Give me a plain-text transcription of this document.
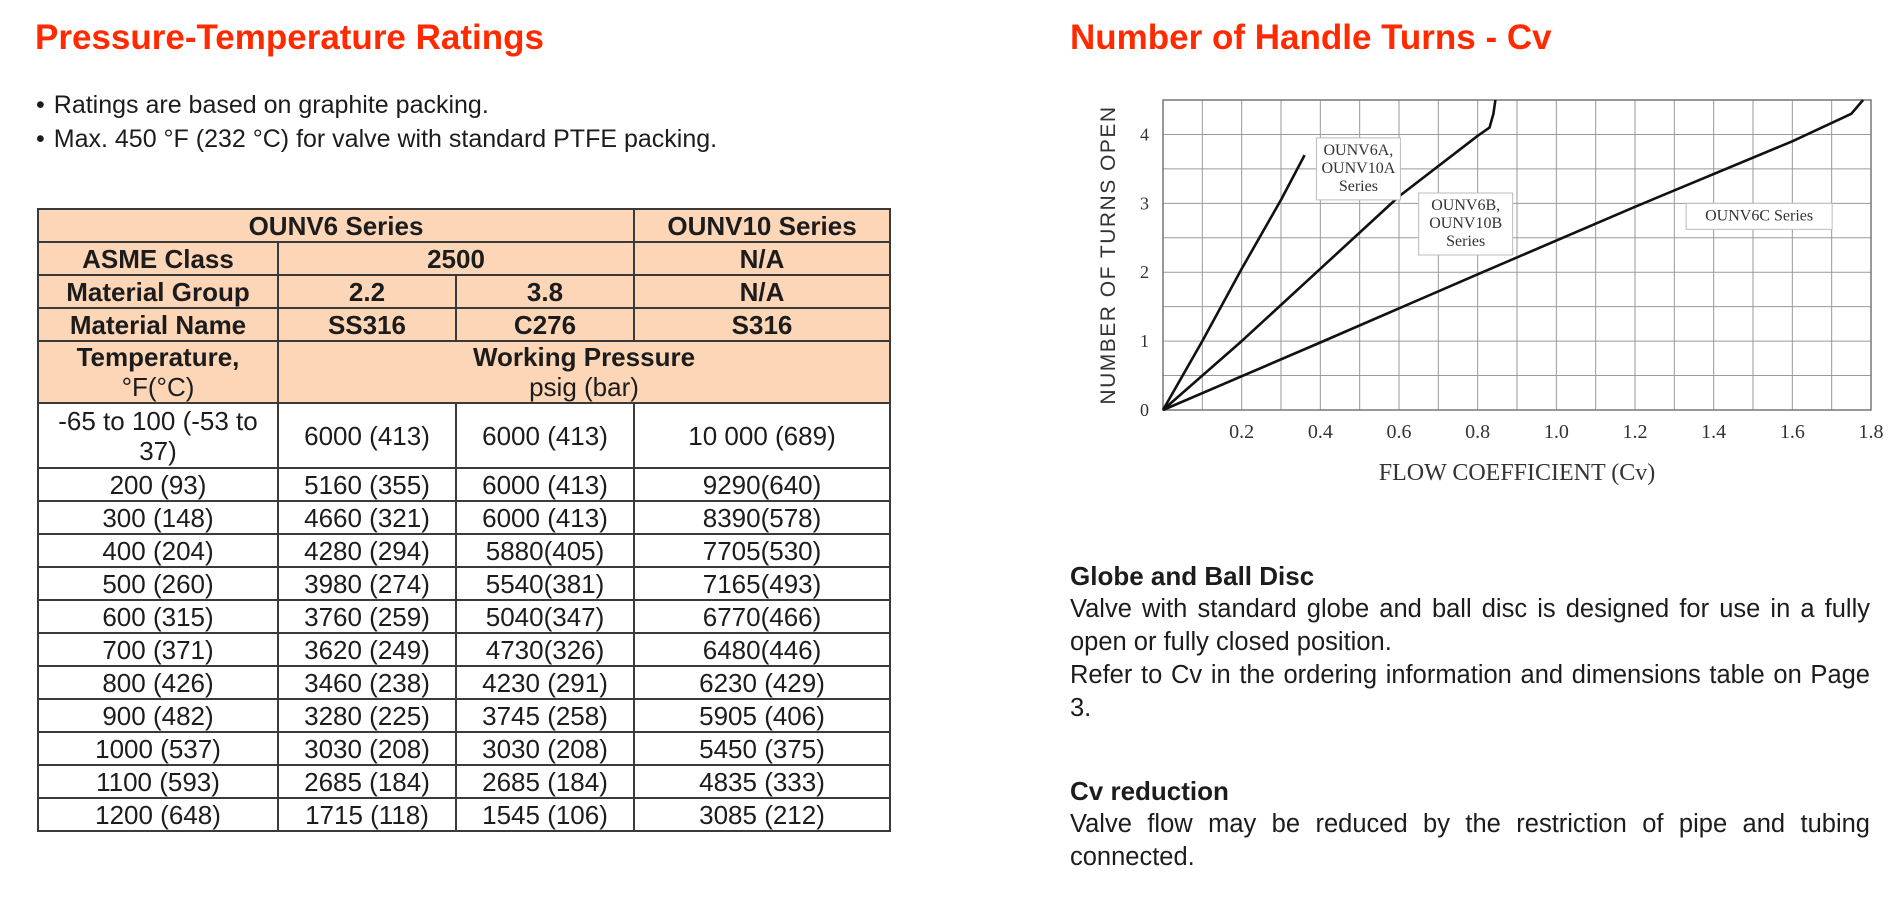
Pressure-Temperature Ratings
• Ratings are based on graphite packing.
• Max. 450 °F (232 °C) for valve with standard PTFE packing.
OUNV6 Series			OUNV10 Series
ASME Class	2500		N/A
Material Group	2.2	3.8	N/A
Material Name	SS316	C276	S316

Temperature,
°F(°C)	Working Pressure
psig (bar)		

-65 to 100 (-53 to 37)	6000 (413)	6000 (413)	10 000 (689)
200 (93)	5160 (355)	6000 (413)	9290(640)
300 (148)	4660 (321)	6000 (413)	8390(578)
400 (204)	4280 (294)	5880(405)	7705(530)
500 (260)	3980 (274)	5540(381)	7165(493)
600 (315)	3760 (259)	5040(347)	6770(466)
700 (371)	3620 (249)	4730(326)	6480(446)
800 (426)	3460 (238)	4230 (291)	6230 (429)
900 (482)	3280 (225)	3745 (258)	5905 (406)
1000 (537)	3030 (208)	3030 (208)	5450 (375)
1100 (593)	2685 (184)	2685 (184)	4835 (333)
1200 (648)	1715 (118)	1545 (106)	3085 (212)
Number of Handle Turns - Cv
0.2	0.4	0.6	0.8	1.0	1.2	1.4	1.6	1.8
0
1
2
3
4
OUNV6A,
OUNV10A
Series
OUNV6B,
OUNV10B
Series
OUNV6C Series
FLOW COEFFICIENT (Cv)
NUMBER OF TURNS OPEN
Globe and Ball Disc

Valve with standard globe and ball disc is designed for use in a fully open or fully closed position.

Refer to Cv in the ordering information and dimensions table on Page 3.

Cv reduction

Valve flow may be reduced by the restriction of pipe and tubing connected.
